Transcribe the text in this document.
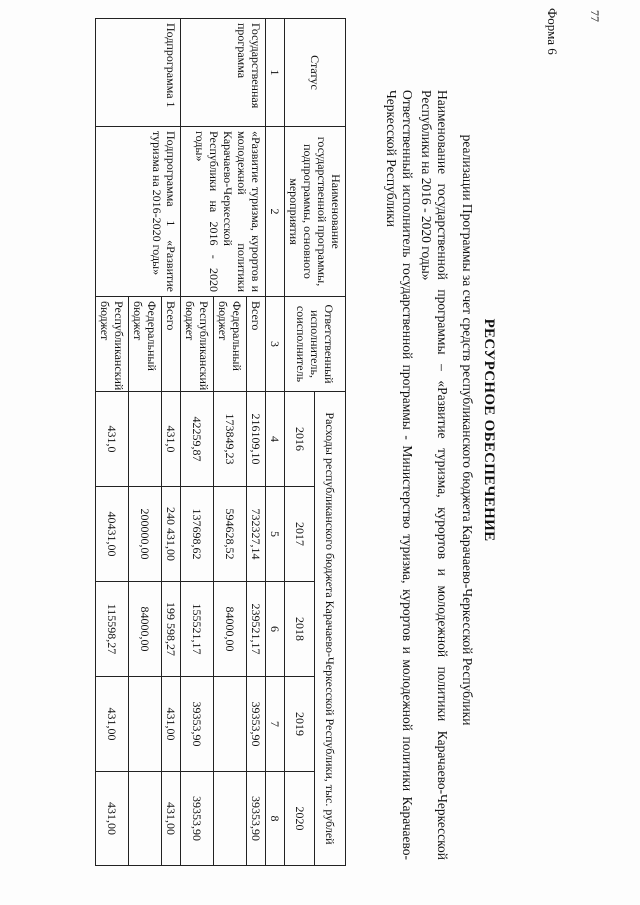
77
Форма 6
РЕСУРСНОЕ ОБЕСПЕЧЕНИЕ
реализации Программы за счет средств республиканского бюджета Карачаево-Черкесской Республики
Наименование государственной программы – «Развитие туризма, курортов и молодежной политики Карачаево-Черкесской Республики на 2016 - 2020 годы»
Ответственный исполнитель государственной программы - Министерство туризма, курортов и молодежной политики Карачаево-Черкесской Республики
Статус	Наименование государственной программы, подпрограммы, основного мероприятия	Ответственный исполнитель, соисполнитель	Расходы республиканского бюджета Карачаево-Черкесской Республики, тыс. рублей				
			2016	2017	2018	2019	2020
1	2	3	4	5	6	7	8
Государственная программа	«Развитие туризма, курортов и молодежной политики Карачаево-Черкесской Республики на 2016 - 2020 годы»	Всего	216109,10	732327,14	239521,17	39353,90	39353,90
		Федеральный бюджет	173849,23	594628,52	84000,00		
		Республиканский бюджет	42259,87	137698,62	155521,17	39353,90	39353,90
Подпрограмма 1	Подпрограмма 1 «Развитие туризма на 2016-2020 годы»	Всего	431,0	240 431,00	199 598,27	431,00	431,00
		Федеральный бюджет		200000,00	84000,00		
		Республиканский бюджет	431,0	40431,00	115598,27	431,00	431,00
